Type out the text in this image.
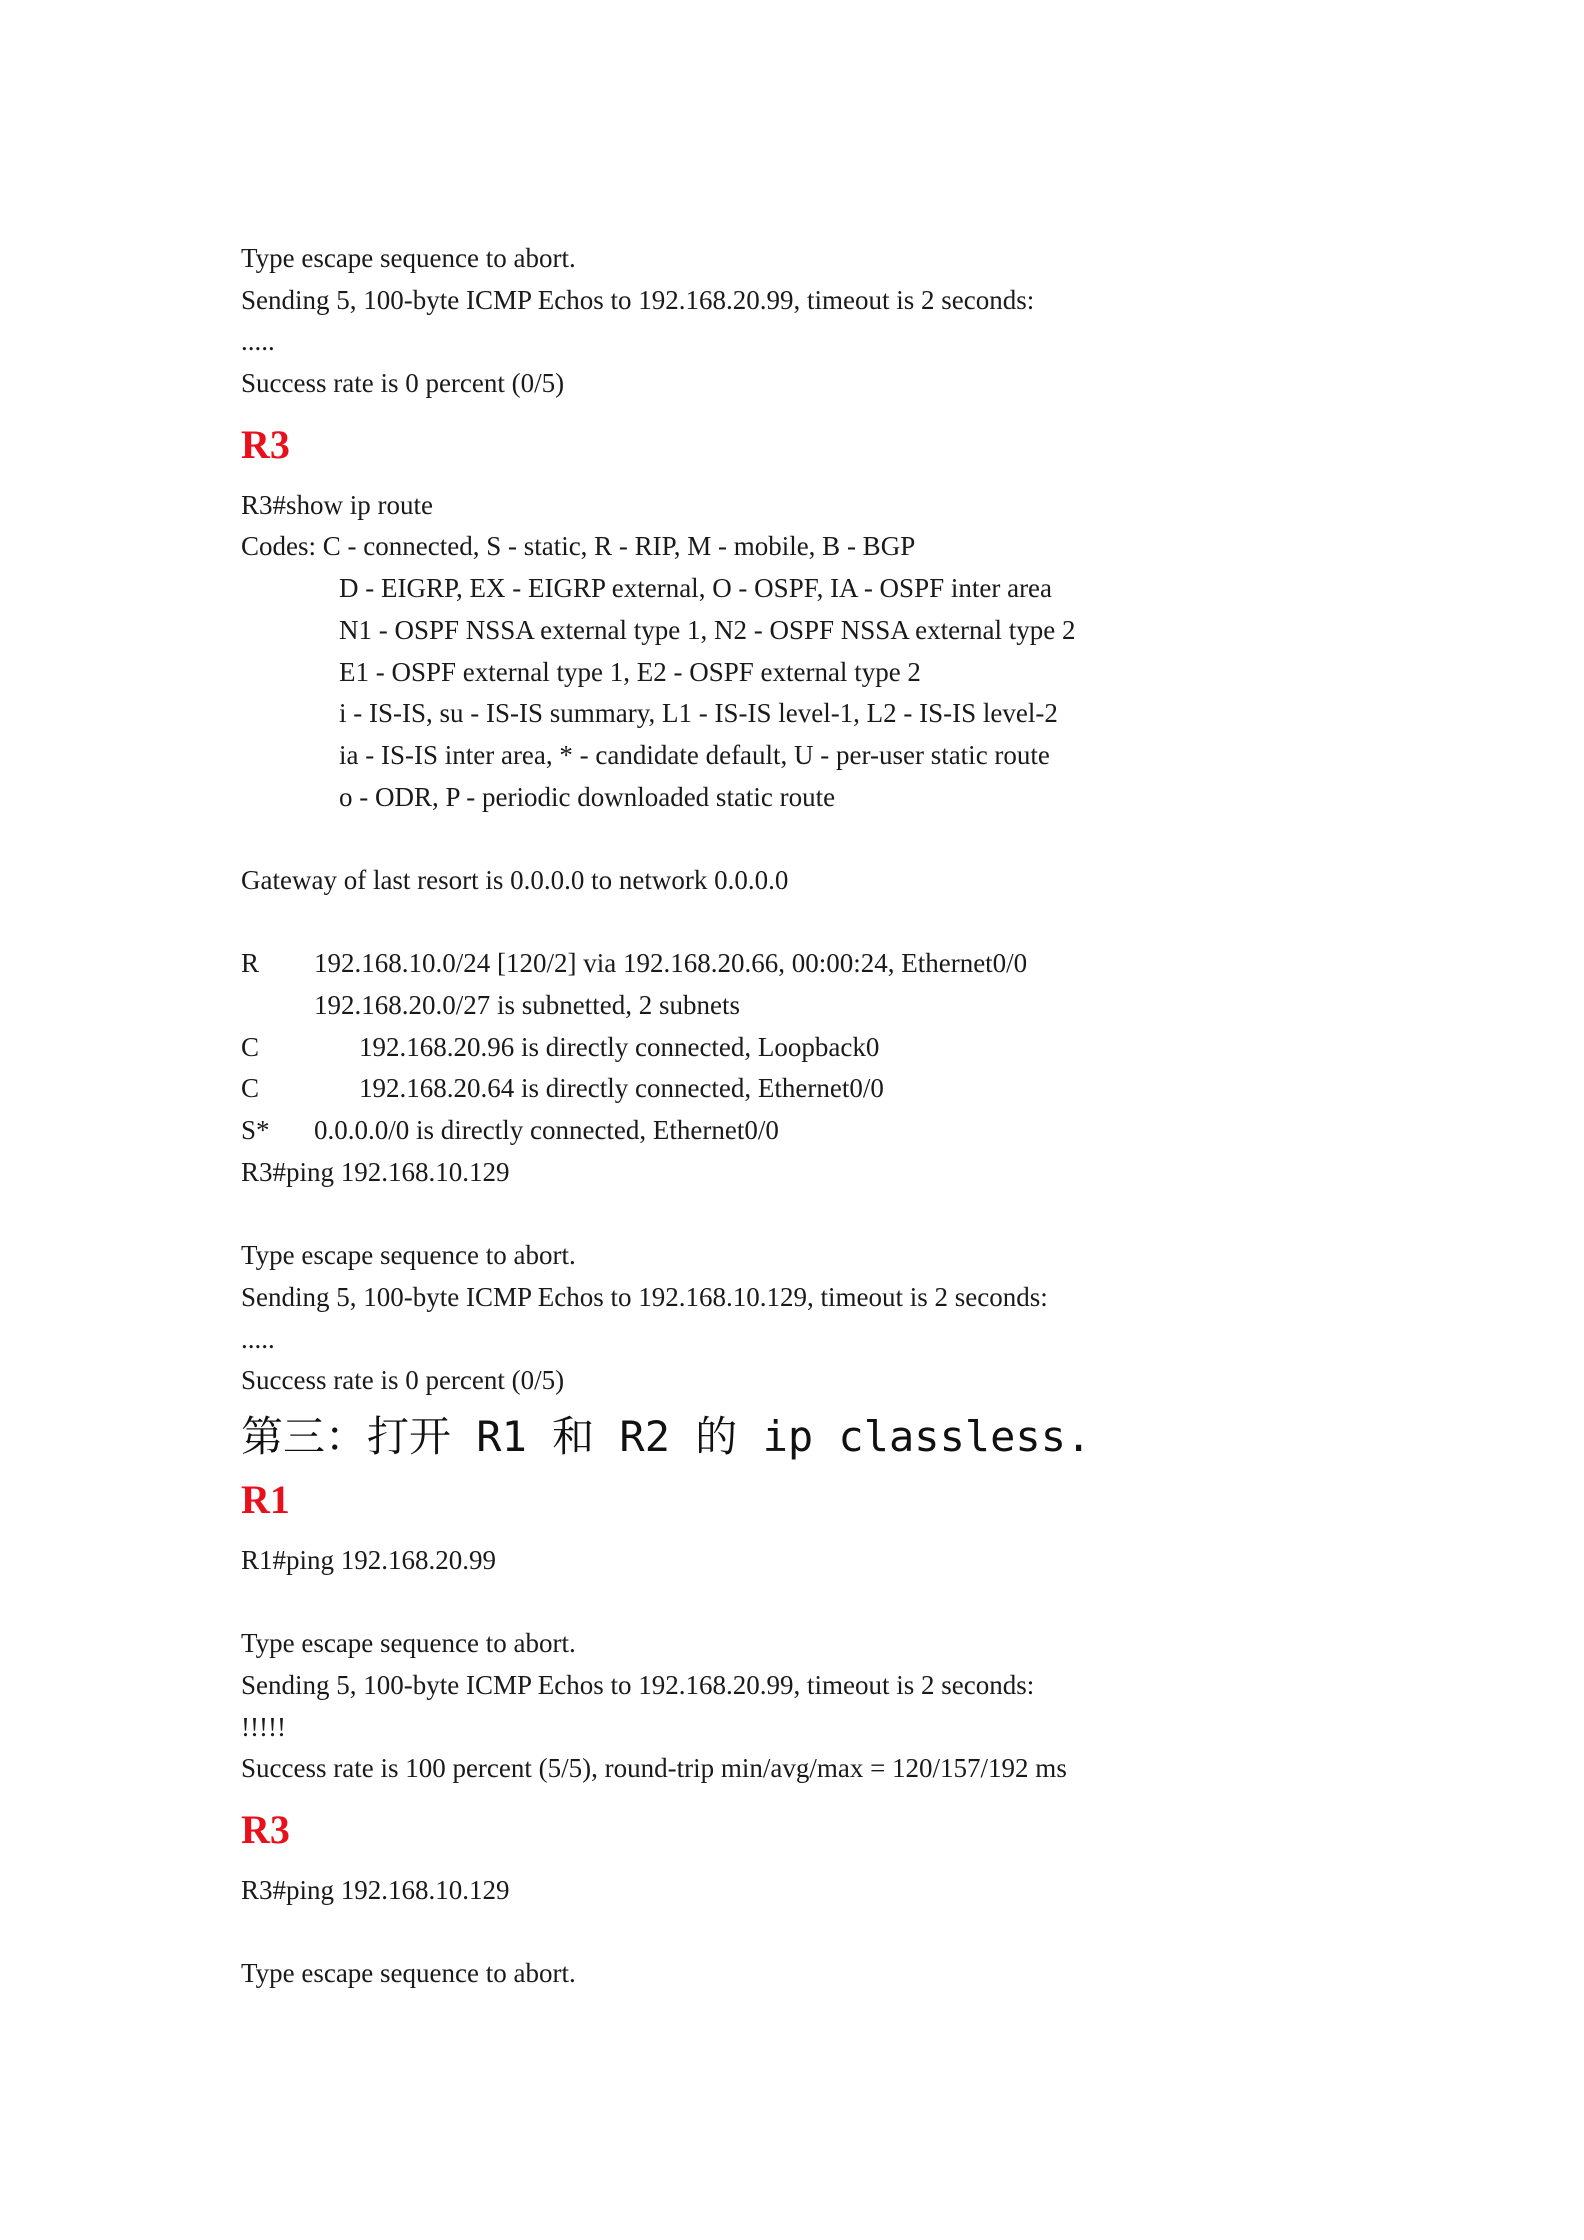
Type escape sequence to abort.
Sending 5, 100-byte ICMP Echos to 192.168.20.99, timeout is 2 seconds:
.....
Success rate is 0 percent (0/5)
R3
R3#show ip route
Codes: C - connected, S - static, R - RIP, M - mobile, B - BGP
D - EIGRP, EX - EIGRP external, O - OSPF, IA - OSPF inter area
N1 - OSPF NSSA external type 1, N2 - OSPF NSSA external type 2
E1 - OSPF external type 1, E2 - OSPF external type 2
i - IS-IS, su - IS-IS summary, L1 - IS-IS level-1, L2 - IS-IS level-2
ia - IS-IS inter area, * - candidate default, U - per-user static route
o - ODR, P - periodic downloaded static route
Gateway of last resort is 0.0.0.0 to network 0.0.0.0
R	192.168.10.0/24 [120/2] via 192.168.20.66, 00:00:24, Ethernet0/0
192.168.20.0/27 is subnetted, 2 subnets
C	192.168.20.96 is directly connected, Loopback0
C	192.168.20.64 is directly connected, Ethernet0/0
S*	0.0.0.0/0 is directly connected, Ethernet0/0
R3#ping 192.168.10.129
Type escape sequence to abort.
Sending 5, 100-byte ICMP Echos to 192.168.10.129, timeout is 2 seconds:
.....
Success rate is 0 percent (0/5)
第三：打开 R1 和 R2 的 ip classless.
R1
R1#ping 192.168.20.99
Type escape sequence to abort.
Sending 5, 100-byte ICMP Echos to 192.168.20.99, timeout is 2 seconds:
!!!!!
Success rate is 100 percent (5/5), round-trip min/avg/max = 120/157/192 ms
R3
R3#ping 192.168.10.129
Type escape sequence to abort.
